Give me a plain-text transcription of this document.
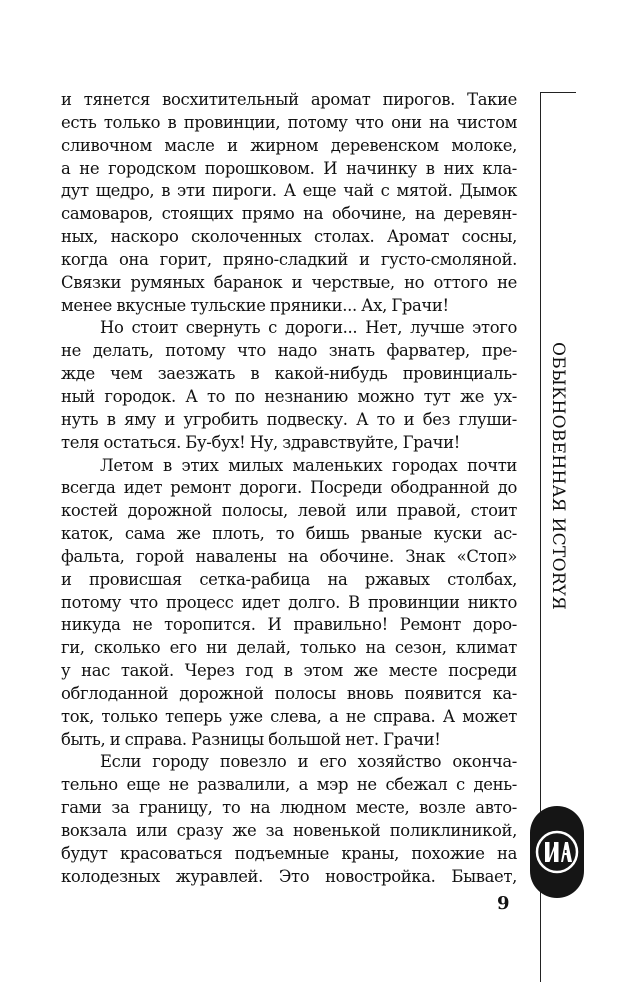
и тянется восхитительный аромат пирогов. Такие
есть только в провинции, потому что они на чистом
сливочном масле и жирном деревенском молоке,
а не городском порошковом. И начинку в них кла-
дут щедро, в эти пироги. А еще чай с мятой. Дымок
самоваров, стоящих прямо на обочине, на деревян-
ных, наскоро сколоченных столах. Аромат сосны,
когда она горит, пряно-сладкий и густо-смоляной.
Связки румяных баранок и черствые, но оттого не
менее вкусные тульские пряники... Ах, Грачи!
Но стоит свернуть с дороги... Нет, лучше этого
не делать, потому что надо знать фарватер, пре-
жде чем заезжать в какой-нибудь провинциаль-
ный городок. А то по незнанию можно тут же ух-
нуть в яму и угробить подвеску. А то и без глуши-
теля остаться. Бу-бух! Ну, здравствуйте, Грачи!
Летом в этих милых маленьких городах почти
всегда идет ремонт дороги. Посреди ободранной до
костей дорожной полосы, левой или правой, стоит
каток, сама же плоть, то бишь рваные куски ас-
фальта, горой навалены на обочине. Знак «Стоп»
и провисшая сетка-рабица на ржавых столбах,
потому что процесс идет долго. В провинции никто
никуда не торопится. И правильно! Ремонт доро-
ги, сколько его ни делай, только на сезон, климат
у нас такой. Через год в этом же месте посреди
обглоданной дорожной полосы вновь появится ка-
ток, только теперь уже слева, а не справа. А может
быть, и справа. Разницы большой нет. Грачи!
Если городу повезло и его хозяйство оконча-
тельно еще не развалили, а мэр не сбежал с день-
гами за границу, то на людном месте, возле авто-
вокзала или сразу же за новенькой поликлиникой,
будут красоваться подъемные краны, похожие на
колодезных журавлей. Это новостройка. Бывает,
ОБЫКНОВЕННАЯ ИСТОRYЯ
9
